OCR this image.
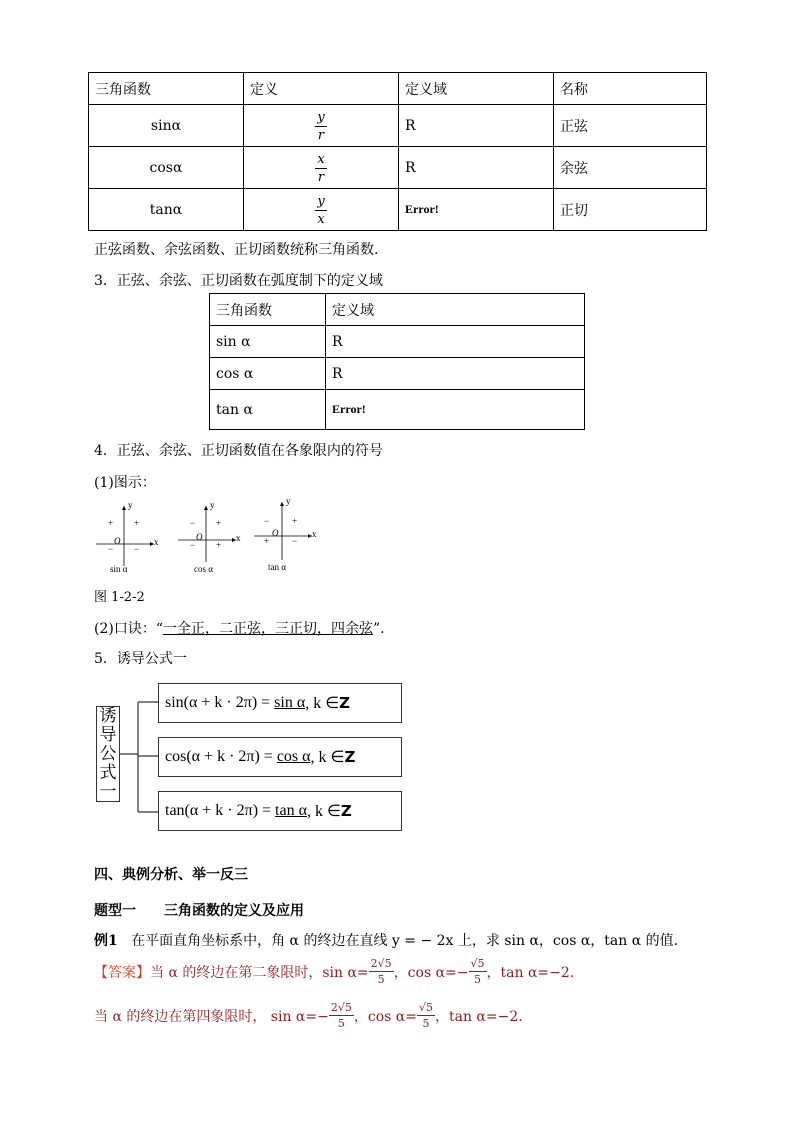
三角函数	定义	定义域	名称
sinα	$\frac{y}{r}$	R	正弦
cosα	$\frac{x}{r}$	R	余弦
tanα	$\frac{y}{x}$	Error!	正切
正弦函数、余弦函数、正切函数统称三角函数.
3．正弦、余弦、正切函数在弧度制下的定义域
三角函数	定义域
sin α	R
cos α	R
tan α	Error!
4．正弦、余弦、正切函数值在各象限内的符号
(1)图示：
y
x
O
+
+
− −
sin α
y
x
O
+
−
− +
cos α
y
x
O
+
−
+	−
tan α
图 1-2-2
(2)口诀：“一全正，二正弦，三正切，四余弦”.
5．诱导公式一
诱
导
公
式
一
sin(α + k · 2π) =
sin α , k ∈ Z
cos(α + k · 2π) =
cos α , k ∈ Z
tan(α + k · 2π) =
tan α , k ∈ Z
四、典例分析、举一反三
题型一 三角函数的定义及应用
例1 在平面直角坐标系中，角 α 的终边在直线 y = − 2x 上，求 sin α，cos α，tan α 的值．
【答案】 当 α 的终边在第二象限时，$\sin \alpha= \frac{2√5}{5}$ ，$\cos \alpha=- \frac{√5}{5}$ ，tan α=−2.
当 α 的终边在第四象限时， $\sin \alpha=- \frac{2√5}{5}$ ，$\cos \alpha= \frac{√5}{5}$ ，tan α=−2.
